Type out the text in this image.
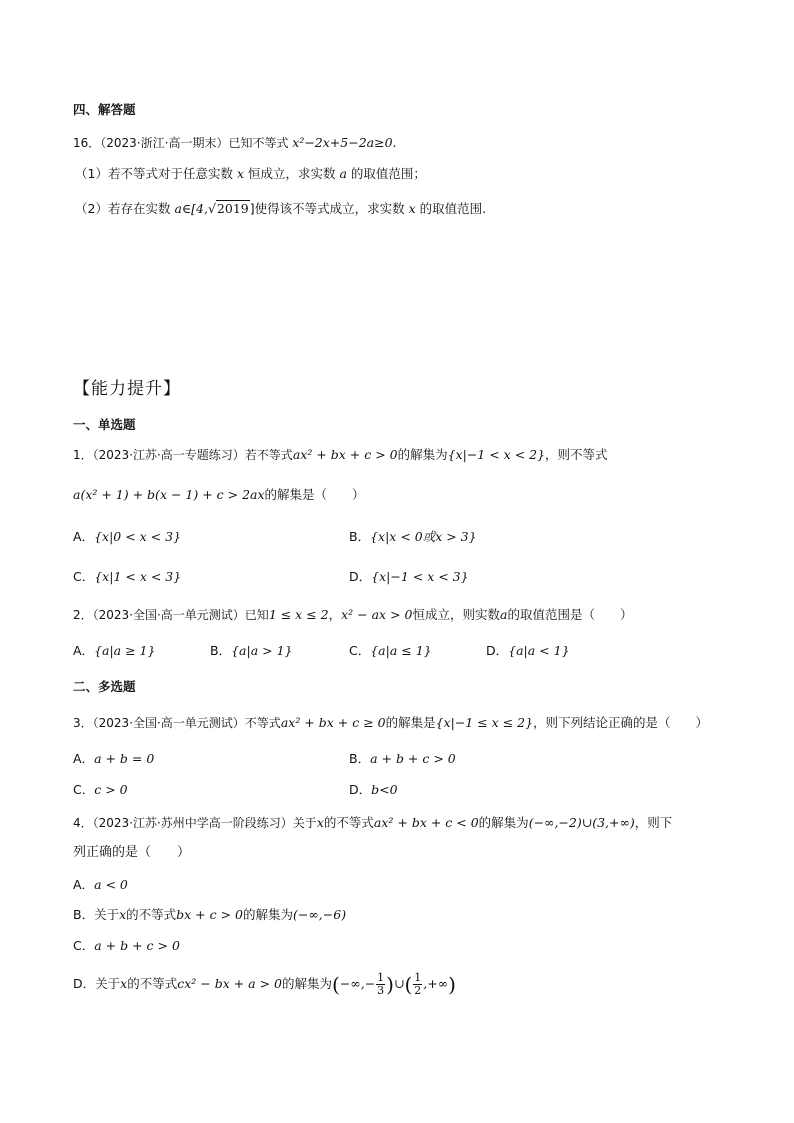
四、解答题
16．（2023·浙江·高一期末）已知不等式 x²−2x+5−2a≥0.
（1）若不等式对于任意实数 x 恒成立，求实数 a 的取值范围；
（2）若存在实数 a∈[4,√2019]使得该不等式成立，求实数 x 的取值范围.
【能力提升】
一、单选题
1．（2023·江苏·高一专题练习）若不等式ax² + bx + c > 0的解集为{x|−1 < x < 2}，则不等式
a(x² + 1) + b(x − 1) + c > 2ax的解集是（　　）
A．{x|0 < x < 3}	B．{x|x < 0或x > 3}
C．{x|1 < x < 3}	D．{x|−1 < x < 3}
2．（2023·全国·高一单元测试）已知1 ≤ x ≤ 2，x² − ax > 0恒成立，则实数a的取值范围是（　　）
A．{a|a ≥ 1}	B．{a|a > 1}	C．{a|a ≤ 1}	D．{a|a < 1}
二、多选题
3．（2023·全国·高一单元测试）不等式ax² + bx + c ≥ 0的解集是{x|−1 ≤ x ≤ 2}，则下列结论正确的是（　　）
A．a + b = 0	B．a + b + c > 0
C．c > 0	D．b<0
4．（2023·江苏·苏州中学高一阶段练习）关于x的不等式ax² + bx + c < 0的解集为(−∞,−2)∪(3,+∞)，则下
列正确的是（　　）
A．a < 0
B．关于x的不等式bx + c > 0的解集为(−∞,−6)
C．a + b + c > 0
D．关于x的不等式cx² − bx + a > 0的解集为(−∞,− $\frac{1}{3}$ )∪( $\frac{1}{2}$ ,+∞)
